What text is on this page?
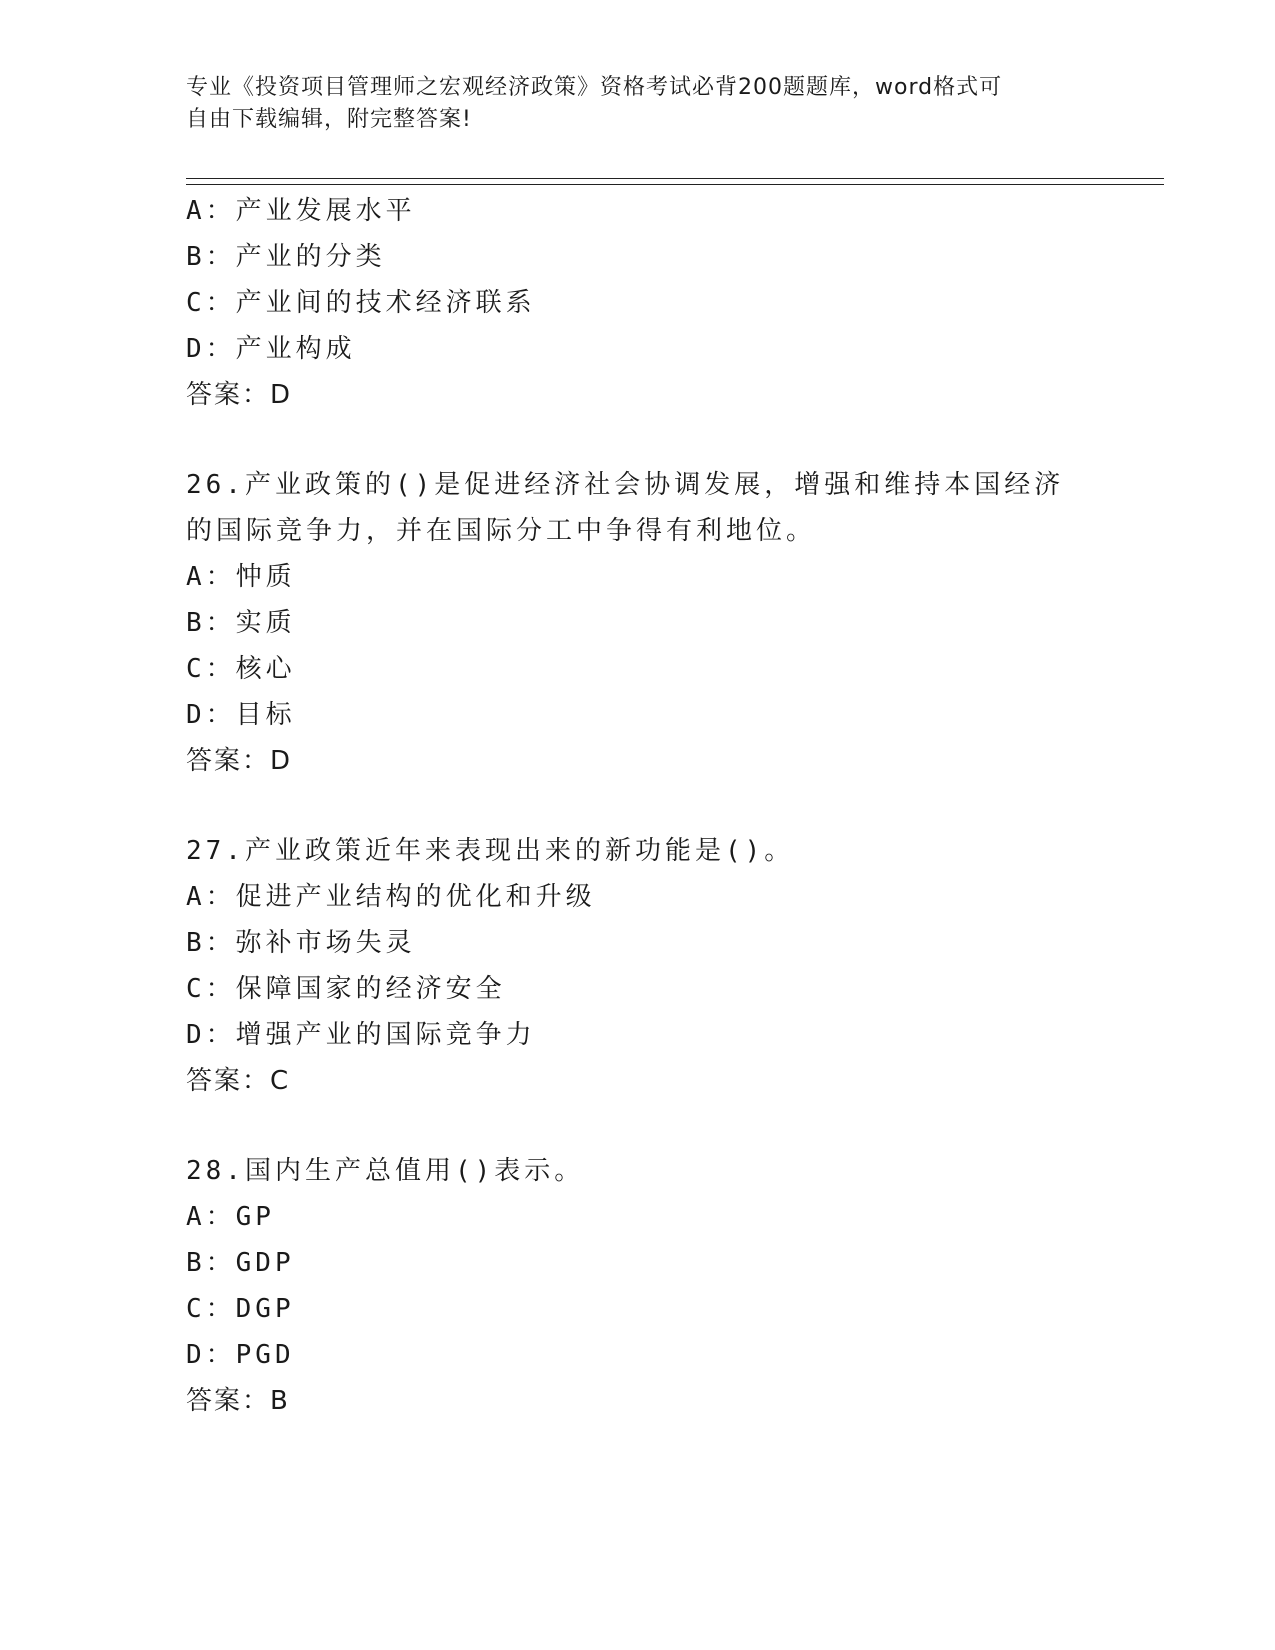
专业《投资项目管理师之宏观经济政策》资格考试必背200题题库，word格式可
自由下载编辑，附完整答案!
A：产业发展水平
B：产业的分类
C：产业间的技术经济联系
D：产业构成
答案：D
26.产业政策的()是促进经济社会协调发展，增强和维持本国经济的国际竞争力，并在国际分工中争得有利地位。
A：忡质
B：实质
C：核心
D：目标
答案：D
27.产业政策近年来表现出来的新功能是()。
A：促进产业结构的优化和升级
B：弥补市场失灵
C：保障国家的经济安全
D：增强产业的国际竞争力
答案：C
28.国内生产总值用()表示。
A：GP
B：GDP
C：DGP
D：PGD
答案：B
